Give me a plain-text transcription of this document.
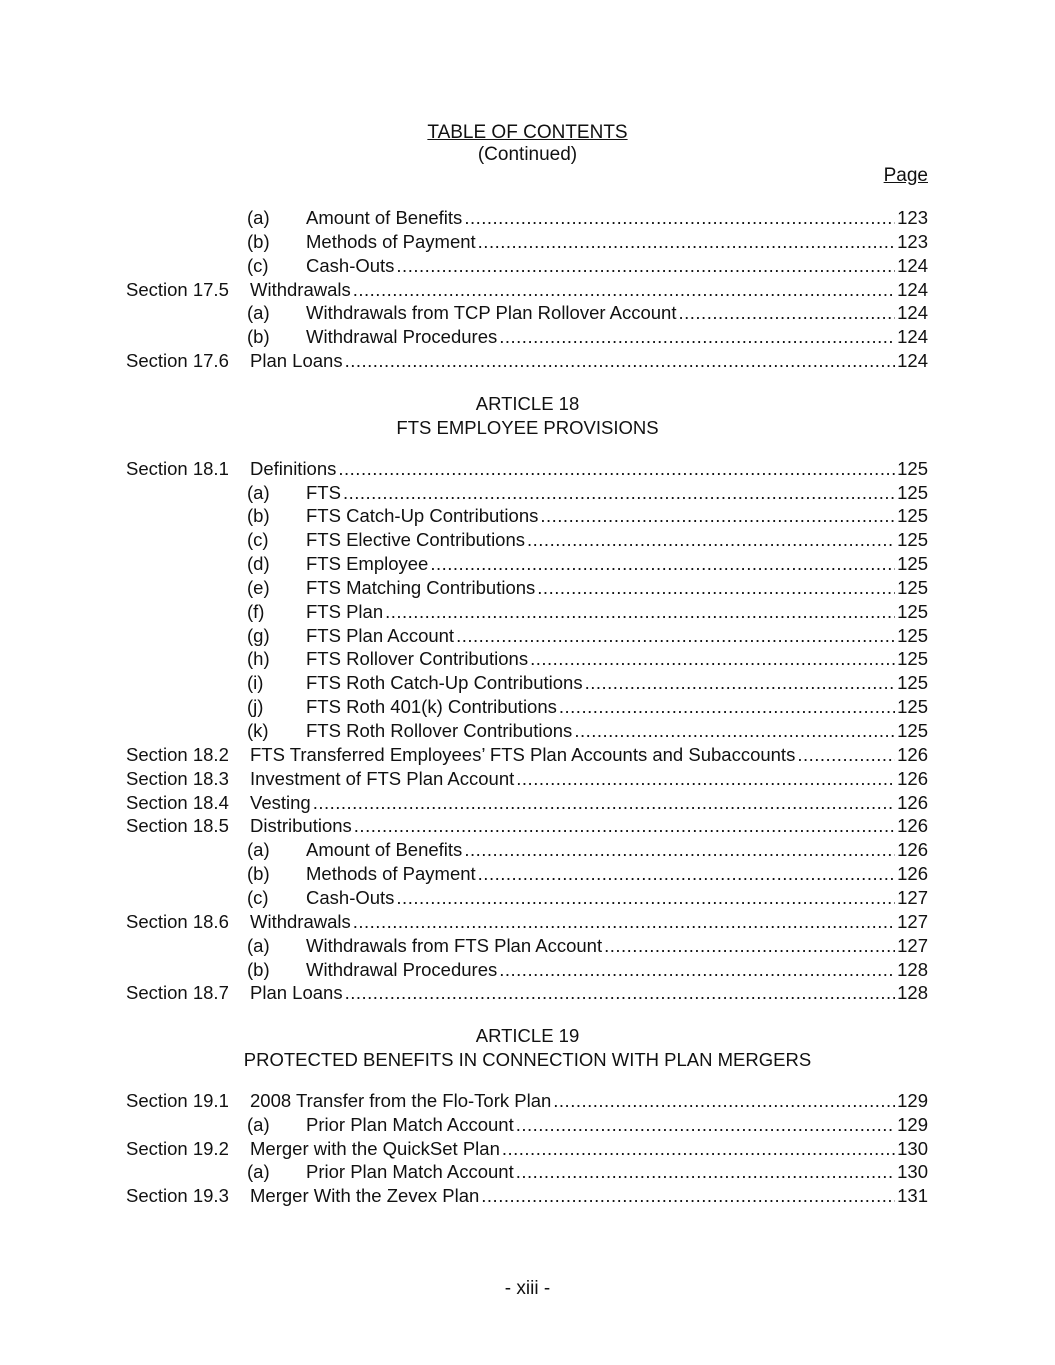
TABLE OF CONTENTS
(Continued)
Page
(a) Amount of Benefits .....	123
(b) Methods of Payment .....	123
(c) Cash-Outs .....	124
Section 17.5 Withdrawals .....	124
(a) Withdrawals from TCP Plan Rollover Account .....	124
(b) Withdrawal Procedures .....	124
Section 17.6 Plan Loans .....	124
ARTICLE 18
FTS EMPLOYEE PROVISIONS
Section 18.1 Definitions .....	125
(a) FTS .....	125
(b) FTS Catch-Up Contributions .....	125
(c) FTS Elective Contributions .....	125
(d) FTS Employee .....	125
(e) FTS Matching Contributions .....	125
(f) FTS Plan .....	125
(g) FTS Plan Account .....	125
(h) FTS Rollover Contributions .....	125
(i) FTS Roth Catch-Up Contributions .....	125
(j) FTS Roth 401(k) Contributions .....	125
(k) FTS Roth Rollover Contributions .....	125
Section 18.2 FTS Transferred Employees’ FTS Plan Accounts and Subaccounts .....	126
Section 18.3 Investment of FTS Plan Account .....	126
Section 18.4 Vesting .....	126
Section 18.5 Distributions .....	126
(a) Amount of Benefits .....	126
(b) Methods of Payment .....	126
(c) Cash-Outs .....	127
Section 18.6 Withdrawals .....	127
(a) Withdrawals from FTS Plan Account .....	127
(b) Withdrawal Procedures .....	128
Section 18.7 Plan Loans .....	128
ARTICLE 19
PROTECTED BENEFITS IN CONNECTION WITH PLAN MERGERS
Section 19.1 2008 Transfer from the Flo-Tork Plan .....	129
(a) Prior Plan Match Account .....	129
Section 19.2 Merger with the QuickSet Plan .....	130
(a) Prior Plan Match Account .....	130
Section 19.3 Merger With the Zevex Plan .....	131
- xiii -
